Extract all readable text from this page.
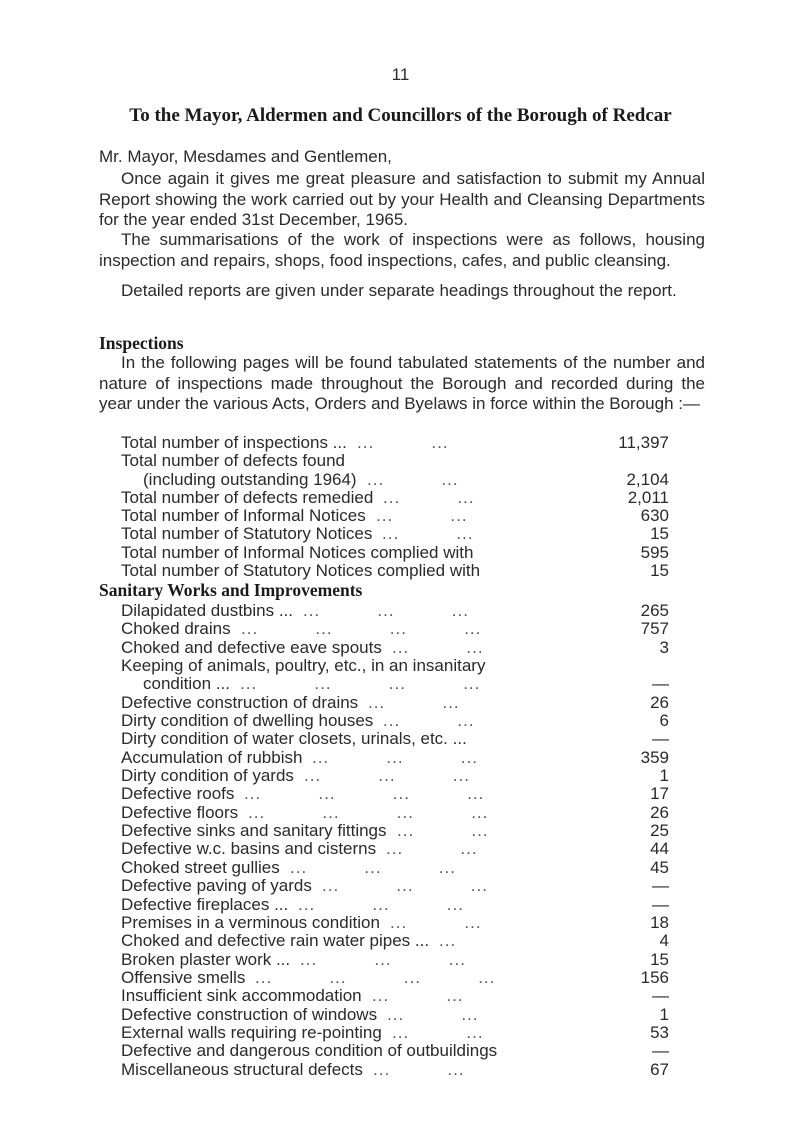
11
To the Mayor, Aldermen and Councillors of the Borough of Redcar
Mr. Mayor, Mesdames and Gentlemen,
Once again it gives me great pleasure and satisfaction to submit my Annual Report showing the work carried out by your Health and Cleansing Departments for the year ended 31st December, 1965.
The summarisations of the work of inspections were as follows, housing inspection and repairs, shops, food inspections, cafes, and public cleansing.
Detailed reports are given under separate headings throughout the report.
Inspections
In the following pages will be found tabulated statements of the number and nature of inspections made throughout the Borough and recorded during the year under the various Acts, Orders and Byelaws in force within the Borough :—
Total number of inspections ... ...          ...	11,397
Total number of defects found
(including outstanding 1964) ...          ...	2,104
Total number of defects remedied ...          ...	2,011
Total number of Informal Notices ...          ...	630
Total number of Statutory Notices ...          ...	15
Total number of Informal Notices complied with	595
Total number of Statutory Notices complied with	15
Sanitary Works and Improvements
Dilapidated dustbins ... ...          ...          ...	265
Choked drains ...          ...          ...          ...	757
Choked and defective eave spouts ...          ...	3
Keeping of animals, poultry, etc., in an insanitary
condition ... ...          ...          ...          ...	—
Defective construction of drains ...          ...	26
Dirty condition of dwelling houses ...          ...	6
Dirty condition of water closets, urinals, etc. ...	—
Accumulation of rubbish ...          ...          ...	359
Dirty condition of yards ...          ...          ...	1
Defective roofs ...          ...          ...          ...	17
Defective floors ...          ...          ...          ...	26
Defective sinks and sanitary fittings ...          ...	25
Defective w.c. basins and cisterns ...          ...	44
Choked street gullies ...          ...          ...	45
Defective paving of yards ...          ...          ...	—
Defective fireplaces ... ...          ...          ...	—
Premises in a verminous condition ...          ...	18
Choked and defective rain water pipes ... ...	4
Broken plaster work ... ...          ...          ...	15
Offensive smells ...          ...          ...          ...	156
Insufficient sink accommodation ...          ...	—
Defective construction of windows ...          ...	1
External walls requiring re-pointing ...          ...	53
Defective and dangerous condition of outbuildings	—
Miscellaneous structural defects ...          ...	67
